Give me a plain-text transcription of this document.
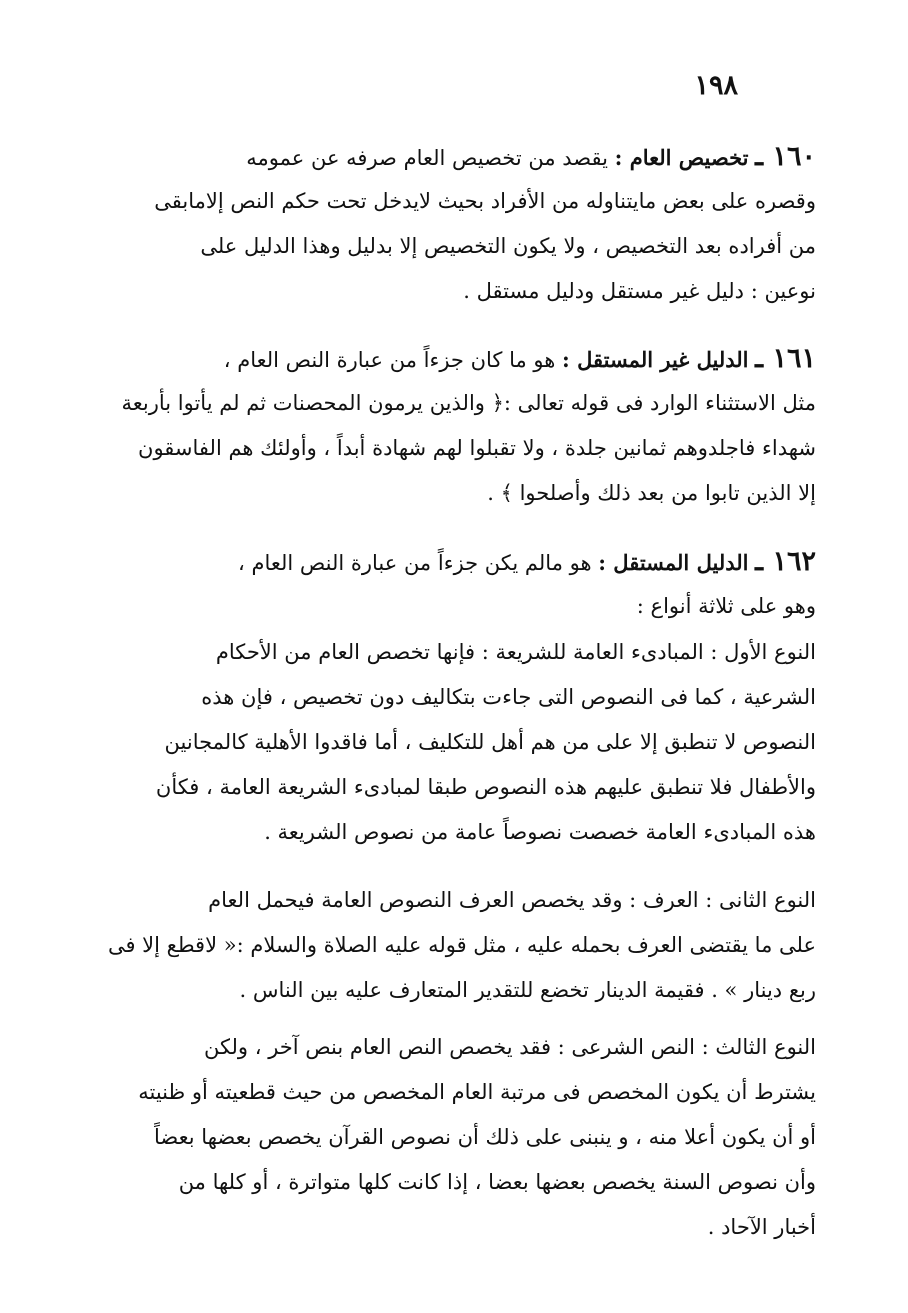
١٩٨
١٦٠ ـ تخصيص العام : يقصد من تخصيص العام صرفه عن عمومه
وقصره على بعض مايتناوله من الأفراد بحيث لايدخل تحت حكم النص إلامابقى
من أفراده بعد التخصيص ، ولا يكون التخصيص إلا بدليل وهذا الدليل على
نوعين : دليل غير مستقل ودليل مستقل .
١٦١ ـ الدليل غير المستقل : هو ما كان جزءاً من عبارة النص العام ،
مثل الاستثناء الوارد فى قوله تعالى :﴿ والذين يرمون المحصنات ثم لم يأتوا بأربعة
شهداء فاجلدوهم ثمانين جلدة ، ولا تقبلوا لهم شهادة أبداً ، وأولئك هم الفاسقون
إلا الذين تابوا من بعد ذلك وأصلحوا ﴾ .
١٦٢ ـ الدليل المستقل : هو مالم يكن جزءاً من عبارة النص العام ،
وهو على ثلاثة أنواع :
النوع الأول : المبادىء العامة للشريعة : فإنها تخصص العام من الأحكام
الشرعية ، كما فى النصوص التى جاءت بتكاليف دون تخصيص ، فإن هذه
النصوص لا تنطبق إلا على من هم أهل للتكليف ، أما فاقدوا الأهلية كالمجانين
والأطفال فلا تنطبق عليهم هذه النصوص طبقا لمبادىء الشريعة العامة ، فكأن
هذه المبادىء العامة خصصت نصوصاً عامة من نصوص الشريعة .
النوع الثانى : العرف : وقد يخصص العرف النصوص العامة فيحمل العام
على ما يقتضى العرف بحمله عليه ، مثل قوله عليه الصلاة والسلام :« لاقطع إلا فى
ربع دينار » . فقيمة الدينار تخضع للتقدير المتعارف عليه بين الناس .
النوع الثالث : النص الشرعى : فقد يخصص النص العام بنص آخر ، ولكن
يشترط أن يكون المخصص فى مرتبة العام المخصص من حيث قطعيته أو ظنيته
أو أن يكون أعلا منه ، و ينبنى على ذلك أن نصوص القرآن يخصص بعضها بعضاً
وأن نصوص السنة يخصص بعضها بعضا ، إذا كانت كلها متواترة ، أو كلها من
أخبار الآحاد .
